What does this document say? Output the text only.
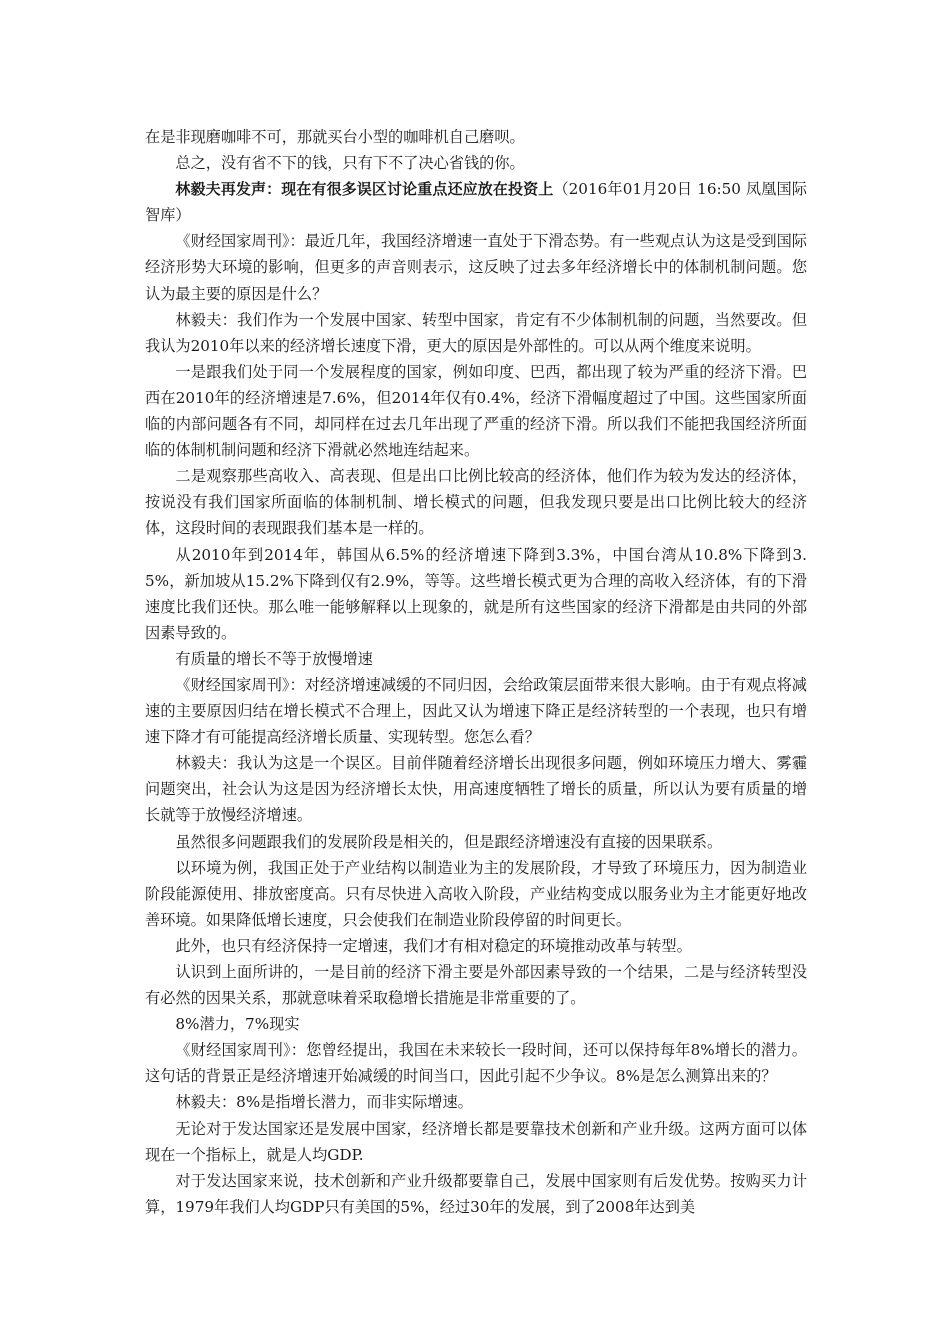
在是非现磨咖啡不可，那就买台小型的咖啡机自己磨呗。

总之，没有省不下的钱，只有下不了决心省钱的你。

林毅夫再发声：现在有很多误区讨论重点还应放在投资上（2016年01月20日 16:50 凤凰国际智库）

《财经国家周刊》：最近几年，我国经济增速一直处于下滑态势。有一些观点认为这是受到国际经济形势大环境的影响，但更多的声音则表示，这反映了过去多年经济增长中的体制机制问题。您认为最主要的原因是什么？

林毅夫：我们作为一个发展中国家、转型中国家，肯定有不少体制机制的问题，当然要改。但我认为2010年以来的经济增长速度下滑，更大的原因是外部性的。可以从两个维度来说明。

一是跟我们处于同一个发展程度的国家，例如印度、巴西，都出现了较为严重的经济下滑。巴西在2010年的经济增速是7.6%，但2014年仅有0.4%，经济下滑幅度超过了中国。这些国家所面临的内部问题各有不同，却同样在过去几年出现了严重的经济下滑。所以我们不能把我国经济所面临的体制机制问题和经济下滑就必然地连结起来。

二是观察那些高收入、高表现、但是出口比例比较高的经济体，他们作为较为发达的经济体，按说没有我们国家所面临的体制机制、增长模式的问题，但我发现只要是出口比例比较大的经济体，这段时间的表现跟我们基本是一样的。

从2010年到2014年，韩国从6.5%的经济增速下降到3.3%，中国台湾从10.8%下降到3.5%，新加坡从15.2%下降到仅有2.9%，等等。这些增长模式更为合理的高收入经济体，有的下滑速度比我们还快。那么唯一能够解释以上现象的，就是所有这些国家的经济下滑都是由共同的外部因素导致的。

有质量的增长不等于放慢增速

《财经国家周刊》：对经济增速减缓的不同归因，会给政策层面带来很大影响。由于有观点将减速的主要原因归结在增长模式不合理上，因此又认为增速下降正是经济转型的一个表现，也只有增速下降才有可能提高经济增长质量、实现转型。您怎么看？

林毅夫：我认为这是一个误区。目前伴随着经济增长出现很多问题，例如环境压力增大、雾霾问题突出，社会认为这是因为经济增长太快，用高速度牺牲了增长的质量，所以认为要有质量的增长就等于放慢经济增速。

虽然很多问题跟我们的发展阶段是相关的，但是跟经济增速没有直接的因果联系。

以环境为例，我国正处于产业结构以制造业为主的发展阶段，才导致了环境压力，因为制造业阶段能源使用、排放密度高。只有尽快进入高收入阶段，产业结构变成以服务业为主才能更好地改善环境。如果降低增长速度，只会使我们在制造业阶段停留的时间更长。

此外，也只有经济保持一定增速，我们才有相对稳定的环境推动改革与转型。

认识到上面所讲的，一是目前的经济下滑主要是外部因素导致的一个结果，二是与经济转型没有必然的因果关系，那就意味着采取稳增长措施是非常重要的了。

8%潜力，7%现实

《财经国家周刊》：您曾经提出，我国在未来较长一段时间，还可以保持每年8%增长的潜力。这句话的背景正是经济增速开始减缓的时间当口，因此引起不少争议。8%是怎么测算出来的？

林毅夫：8%是指增长潜力，而非实际增速。

无论对于发达国家还是发展中国家，经济增长都是要靠技术创新和产业升级。这两方面可以体现在一个指标上，就是人均GDP.

对于发达国家来说，技术创新和产业升级都要靠自己，发展中国家则有后发优势。按购买力计算，1979年我们人均GDP只有美国的5%，经过30年的发展，到了2008年达到美
